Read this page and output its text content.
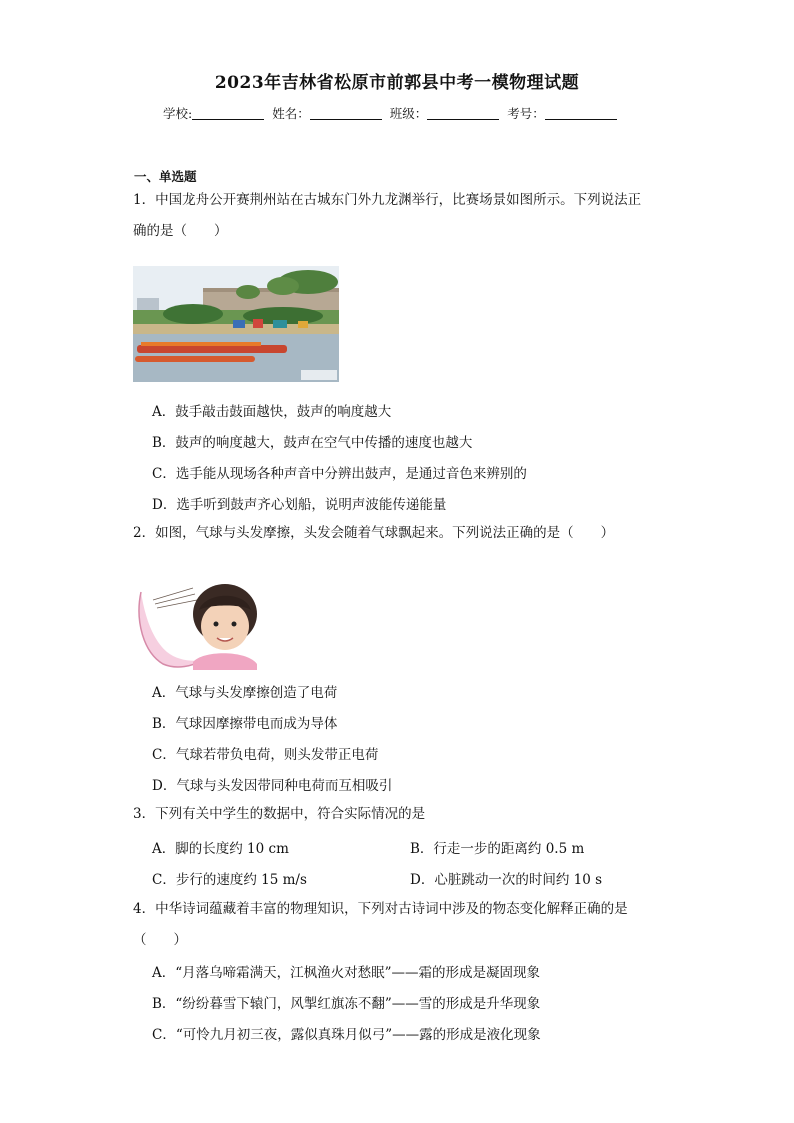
2023年吉林省松原市前郭县中考一模物理试题
学校:	姓名：	班级：	考号：
一、单选题
1．中国龙舟公开赛荆州站在古城东门外九龙渊举行，比赛场景如图所示。下列说法正
确的是（　　）
A．鼓手敲击鼓面越快，鼓声的响度越大
B．鼓声的响度越大，鼓声在空气中传播的速度也越大
C．选手能从现场各种声音中分辨出鼓声，是通过音色来辨别的
D．选手听到鼓声齐心划船，说明声波能传递能量
2．如图，气球与头发摩擦，头发会随着气球飘起来。下列说法正确的是（　　）
A．气球与头发摩擦创造了电荷
B．气球因摩擦带电而成为导体
C．气球若带负电荷，则头发带正电荷
D．气球与头发因带同种电荷而互相吸引
3．下列有关中学生的数据中，符合实际情况的是
A．脚的长度约 10 cm	B．行走一步的距离约 0.5 m
C．步行的速度约 15 m/s	D．心脏跳动一次的时间约 10 s
4．中华诗词蕴藏着丰富的物理知识，下列对古诗词中涉及的物态变化解释正确的是
（　　）
A．“月落乌啼霜满天，江枫渔火对愁眠”——霜的形成是凝固现象
B．“纷纷暮雪下辕门，风掣红旗冻不翻”——雪的形成是升华现象
C．“可怜九月初三夜，露似真珠月似弓”——露的形成是液化现象
